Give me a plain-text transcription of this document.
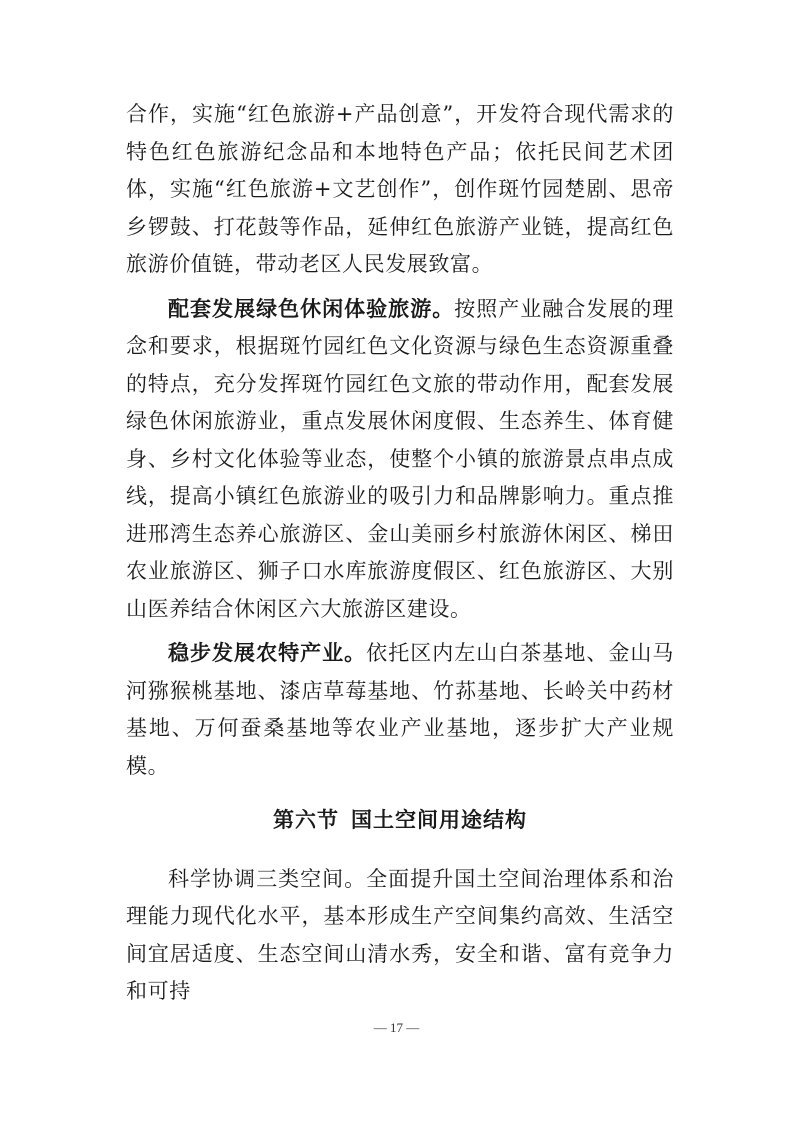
合作，实施“红色旅游+产品创意”，开发符合现代需求的特色红色旅游纪念品和本地特色产品；依托民间艺术团体，实施“红色旅游+文艺创作”，创作斑竹园楚剧、思帝乡锣鼓、打花鼓等作品，延伸红色旅游产业链，提高红色旅游价值链，带动老区人民发展致富。

配套发展绿色休闲体验旅游。按照产业融合发展的理念和要求，根据斑竹园红色文化资源与绿色生态资源重叠的特点，充分发挥斑竹园红色文旅的带动作用，配套发展绿色休闲旅游业，重点发展休闲度假、生态养生、体育健身、乡村文化体验等业态，使整个小镇的旅游景点串点成线，提高小镇红色旅游业的吸引力和品牌影响力。重点推进邢湾生态养心旅游区、金山美丽乡村旅游休闲区、梯田农业旅游区、狮子口水库旅游度假区、红色旅游区、大别山医养结合休闲区六大旅游区建设。

稳步发展农特产业。依托区内左山白茶基地、金山马河猕猴桃基地、漆店草莓基地、竹荪基地、长岭关中药材基地、万何蚕桑基地等农业产业基地，逐步扩大产业规模。

第六节 国土空间用途结构

科学协调三类空间。全面提升国土空间治理体系和治理能力现代化水平，基本形成生产空间集约高效、生活空间宜居适度、生态空间山清水秀，安全和谐、富有竞争力和可持

— 17 —
